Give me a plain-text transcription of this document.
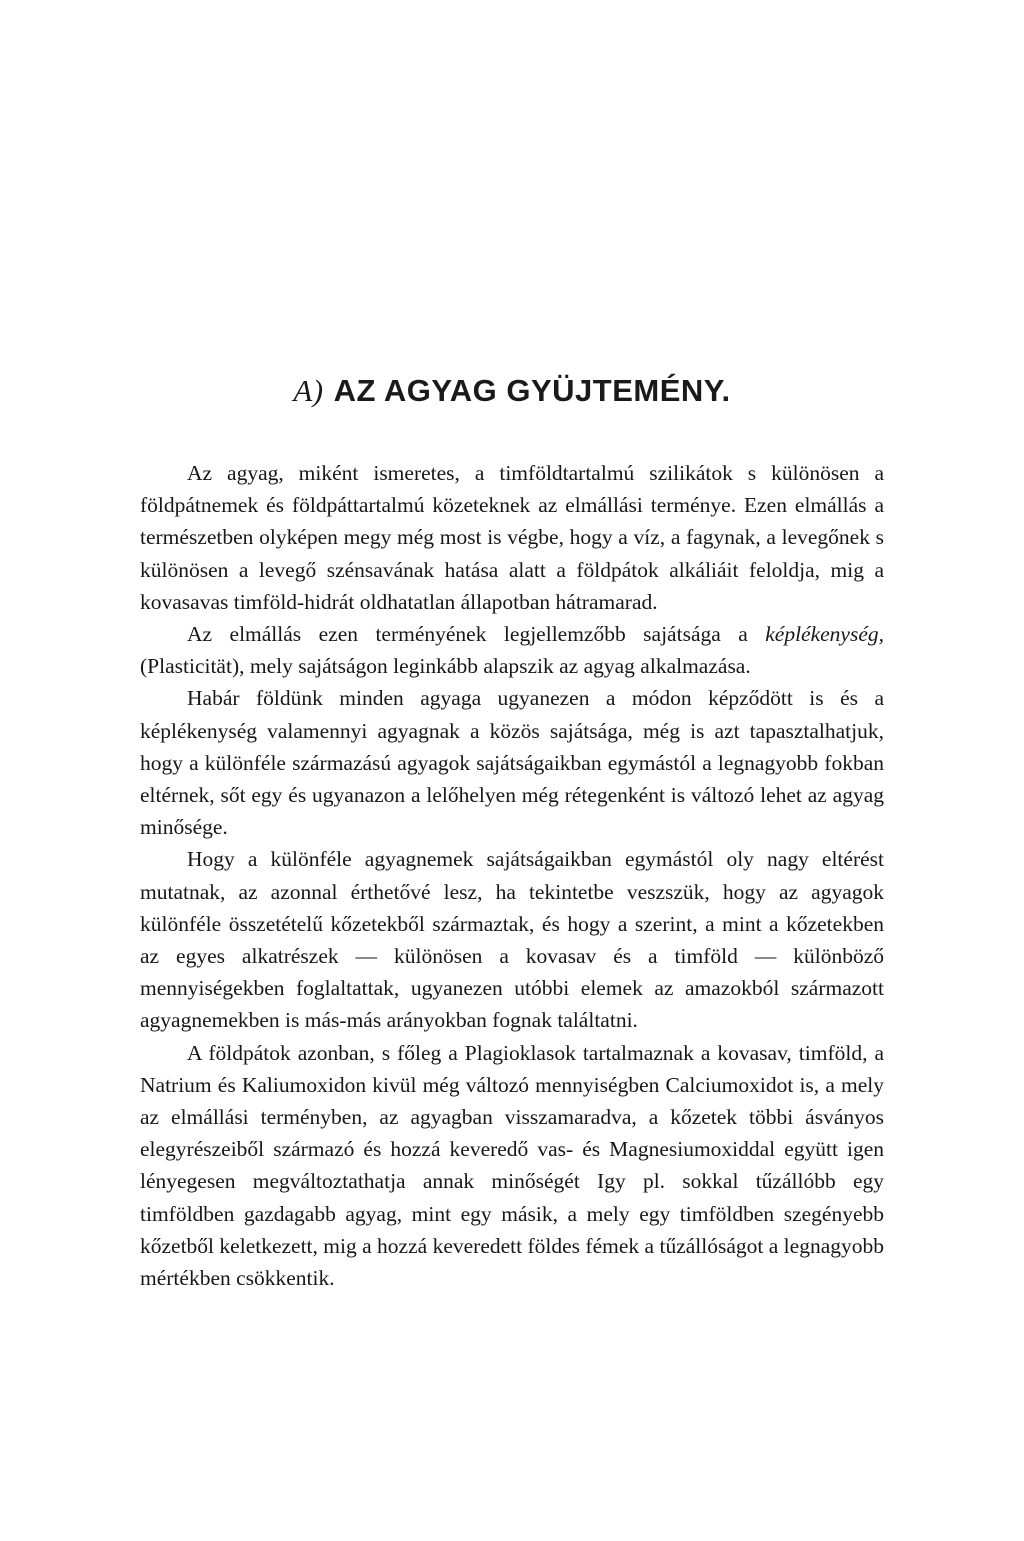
A) AZ AGYAG GYÜJTEMÉNY.

Az agyag, miként ismeretes, a timföldtartalmú szilikátok s különösen a földpátnemek és földpáttartalmú közeteknek az elmállási terménye. Ezen elmállás a természetben olyképen megy még most is végbe, hogy a víz, a fagynak, a levegőnek s különösen a levegő szénsavának hatása alatt a földpátok alkáliáit feloldja, mig a kovasavas timföld-hidrát oldhatatlan állapotban hátramarad.

Az elmállás ezen terményének legjellemzőbb sajátsága a képlékenység, (Plasticität), mely sajátságon leginkább alapszik az agyag alkalmazása.

Habár földünk minden agyaga ugyanezen a módon képződött is és a képlékenység valamennyi agyagnak a közös sajátsága, még is azt tapasztalhatjuk, hogy a különféle származású agyagok sajátságaikban egymástól a legnagyobb fokban eltérnek, sőt egy és ugyanazon a lelőhelyen még rétegenként is változó lehet az agyag minősége.

Hogy a különféle agyagnemek sajátságaikban egymástól oly nagy eltérést mutatnak, az azonnal érthetővé lesz, ha tekintetbe veszszük, hogy az agyagok különféle összetételű kőzetekből származtak, és hogy a szerint, a mint a kőzetekben az egyes alkatrészek — különösen a kovasav és a timföld — különböző mennyiségekben foglaltattak, ugyanezen utóbbi elemek az amazokból származott agyagnemekben is más-más arányokban fognak találtatni.

A földpátok azonban, s főleg a Plagioklasok tartalmaznak a kovasav, timföld, a Natrium és Kaliumoxidon kivül még változó mennyiségben Calciumoxidot is, a mely az elmállási terményben, az agyagban visszamaradva, a kőzetek többi ásványos elegyrészeiből származó és hozzá keveredő vas- és Magnesiumoxiddal együtt igen lényegesen megváltoztathatja annak minőségét Igy pl. sokkal tűzállóbb egy timföldben gazdagabb agyag, mint egy másik, a mely egy timföldben szegényebb kőzetből keletkezett, mig a hozzá keveredett földes fémek a tűzállóságot a legnagyobb mértékben csökkentik.
